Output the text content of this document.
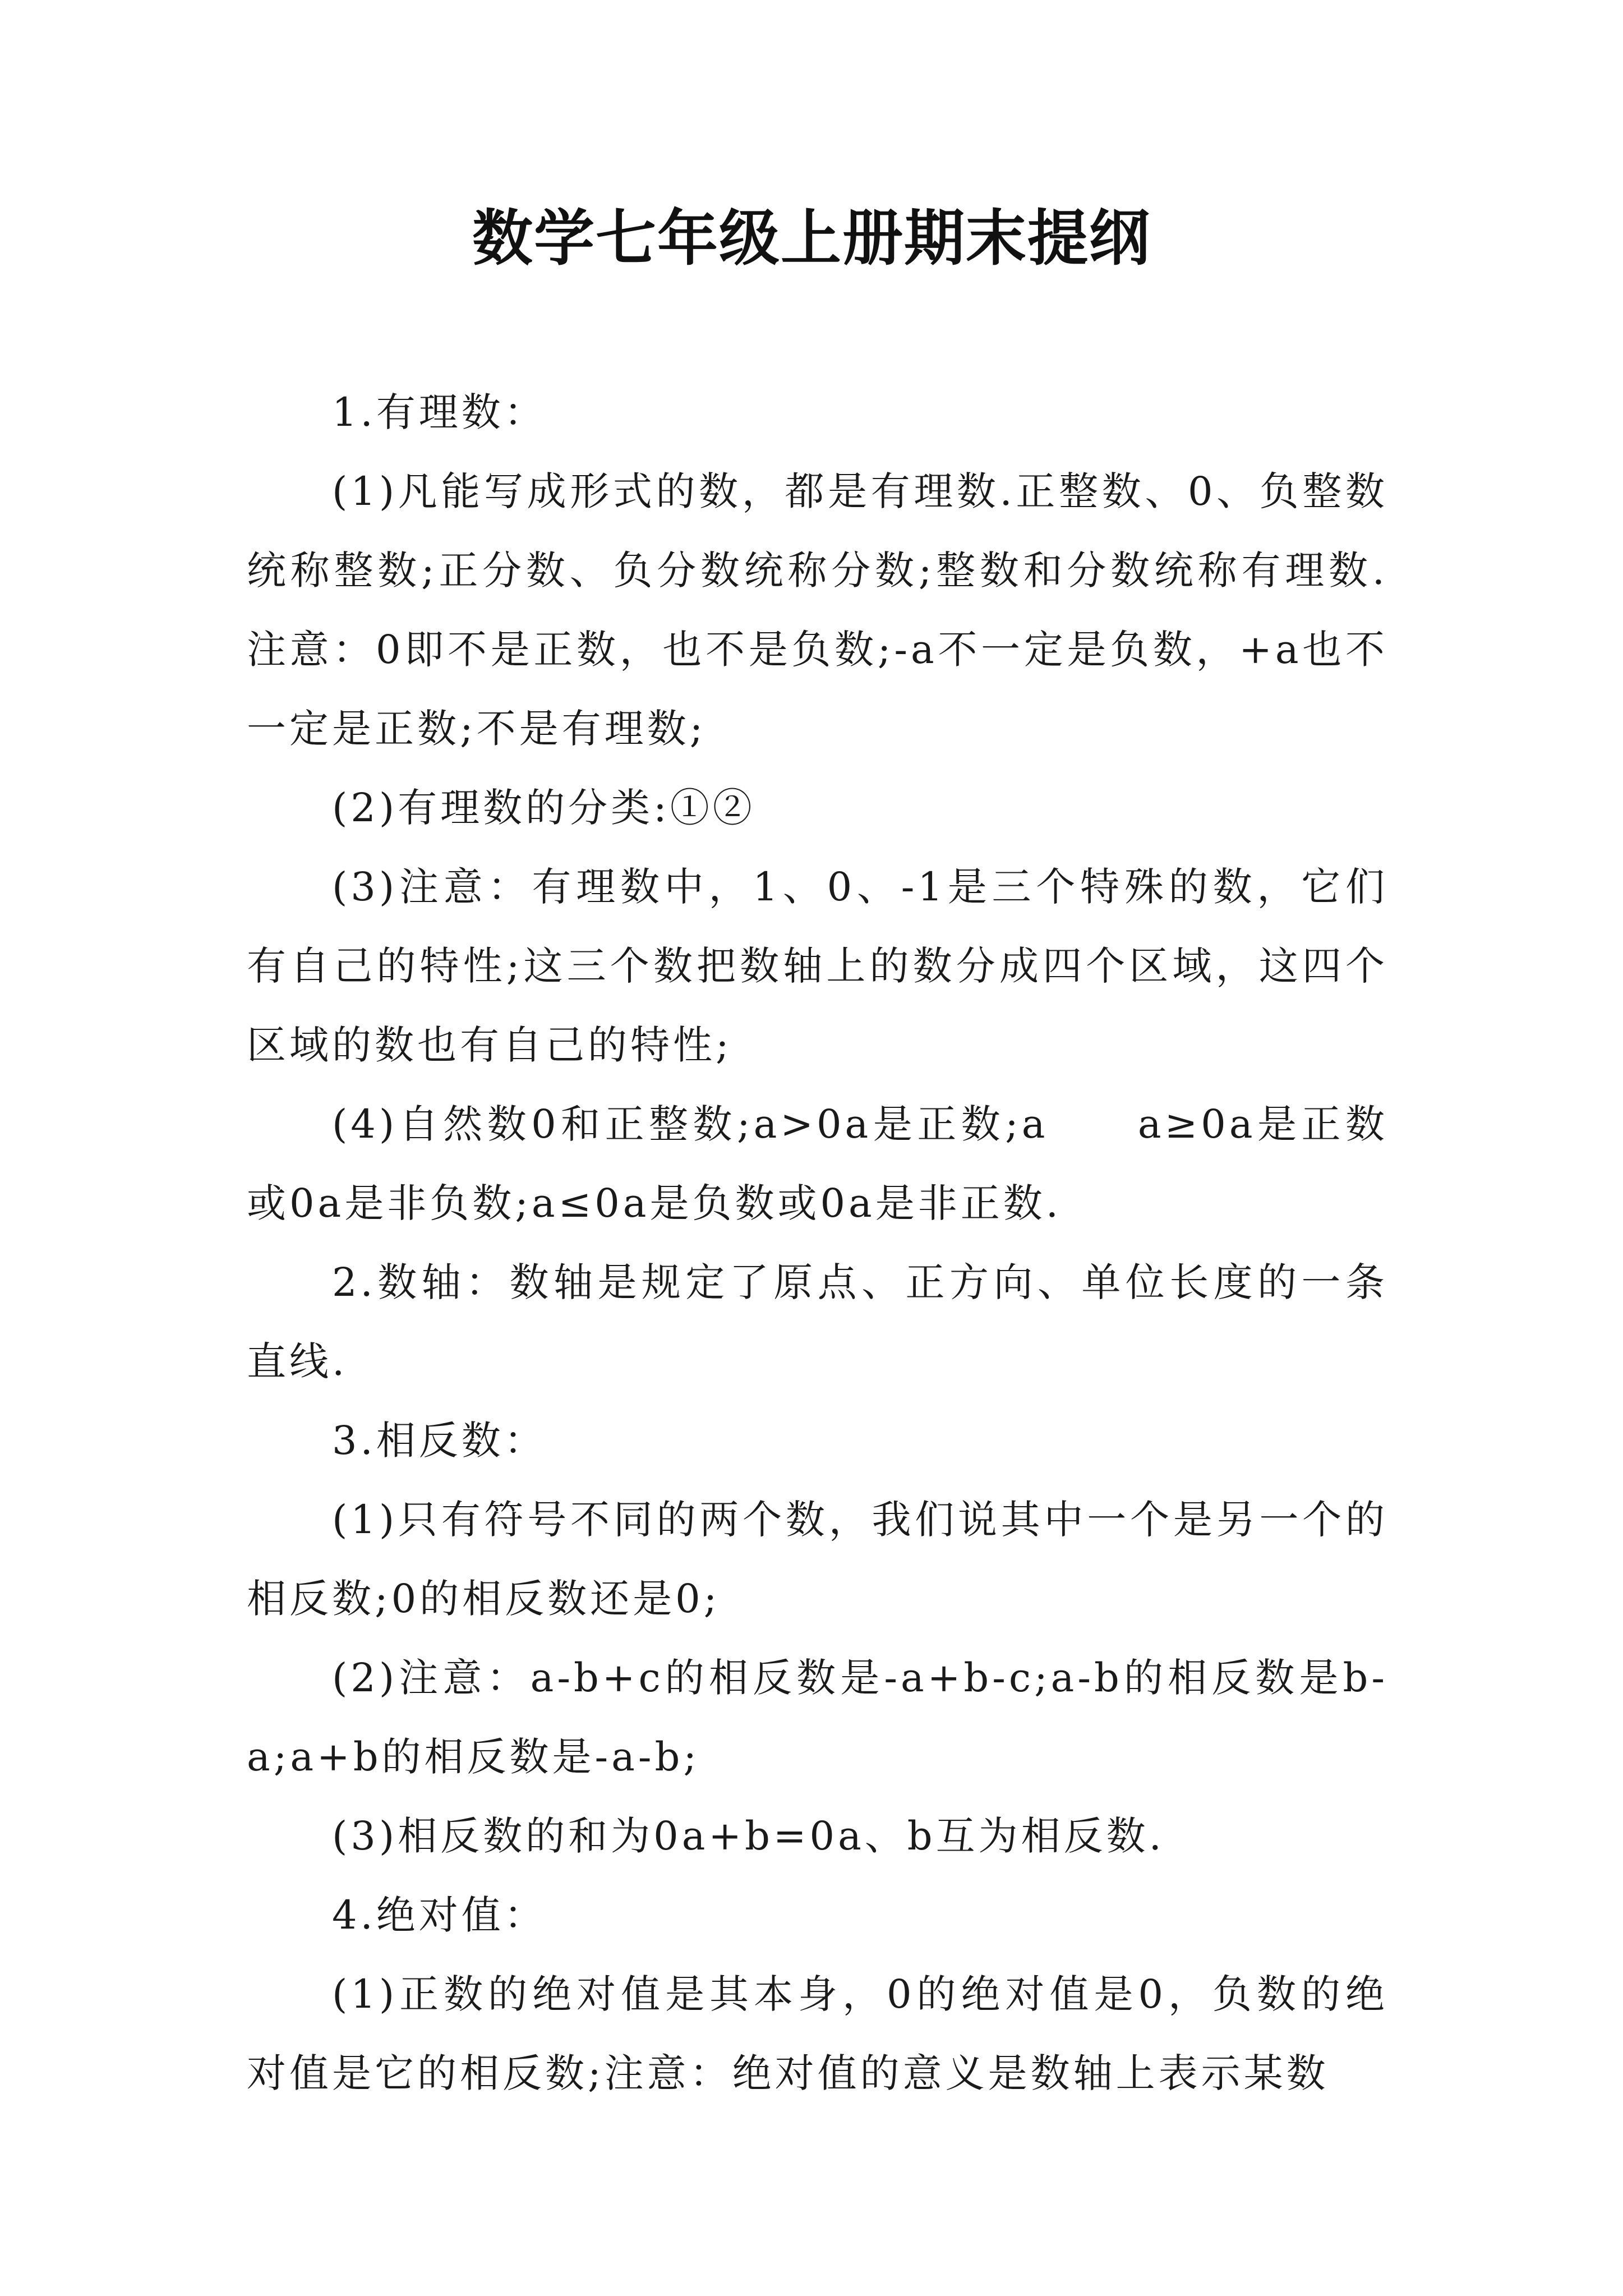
数学七年级上册期末提纲

1.有理数：

(1)凡能写成形式的数，都是有理数.正整数、0、负整数统称整数;正分数、负分数统称分数;整数和分数统称有理数.注意：0即不是正数，也不是负数;-a不一定是负数，+a也不一定是正数;不是有理数;

(2)有理数的分类:①②

(3)注意：有理数中，1、0、-1是三个特殊的数，它们有自己的特性;这三个数把数轴上的数分成四个区域，这四个区域的数也有自己的特性;

(4)自然数0和正整数;a>0a是正数;a　　a≥0a是正数或0a是非负数;a≤0a是负数或0a是非正数.

2.数轴：数轴是规定了原点、正方向、单位长度的一条直线.

3.相反数：

(1)只有符号不同的两个数，我们说其中一个是另一个的相反数;0的相反数还是0;

(2)注意：a-b+c的相反数是-a+b-c;a-b的相反数是b-a;a+b的相反数是-a-b;

(3)相反数的和为0a+b=0a、b互为相反数.

4.绝对值：

(1)正数的绝对值是其本身，0的绝对值是0，负数的绝对值是它的相反数;注意：绝对值的意义是数轴上表示某数
